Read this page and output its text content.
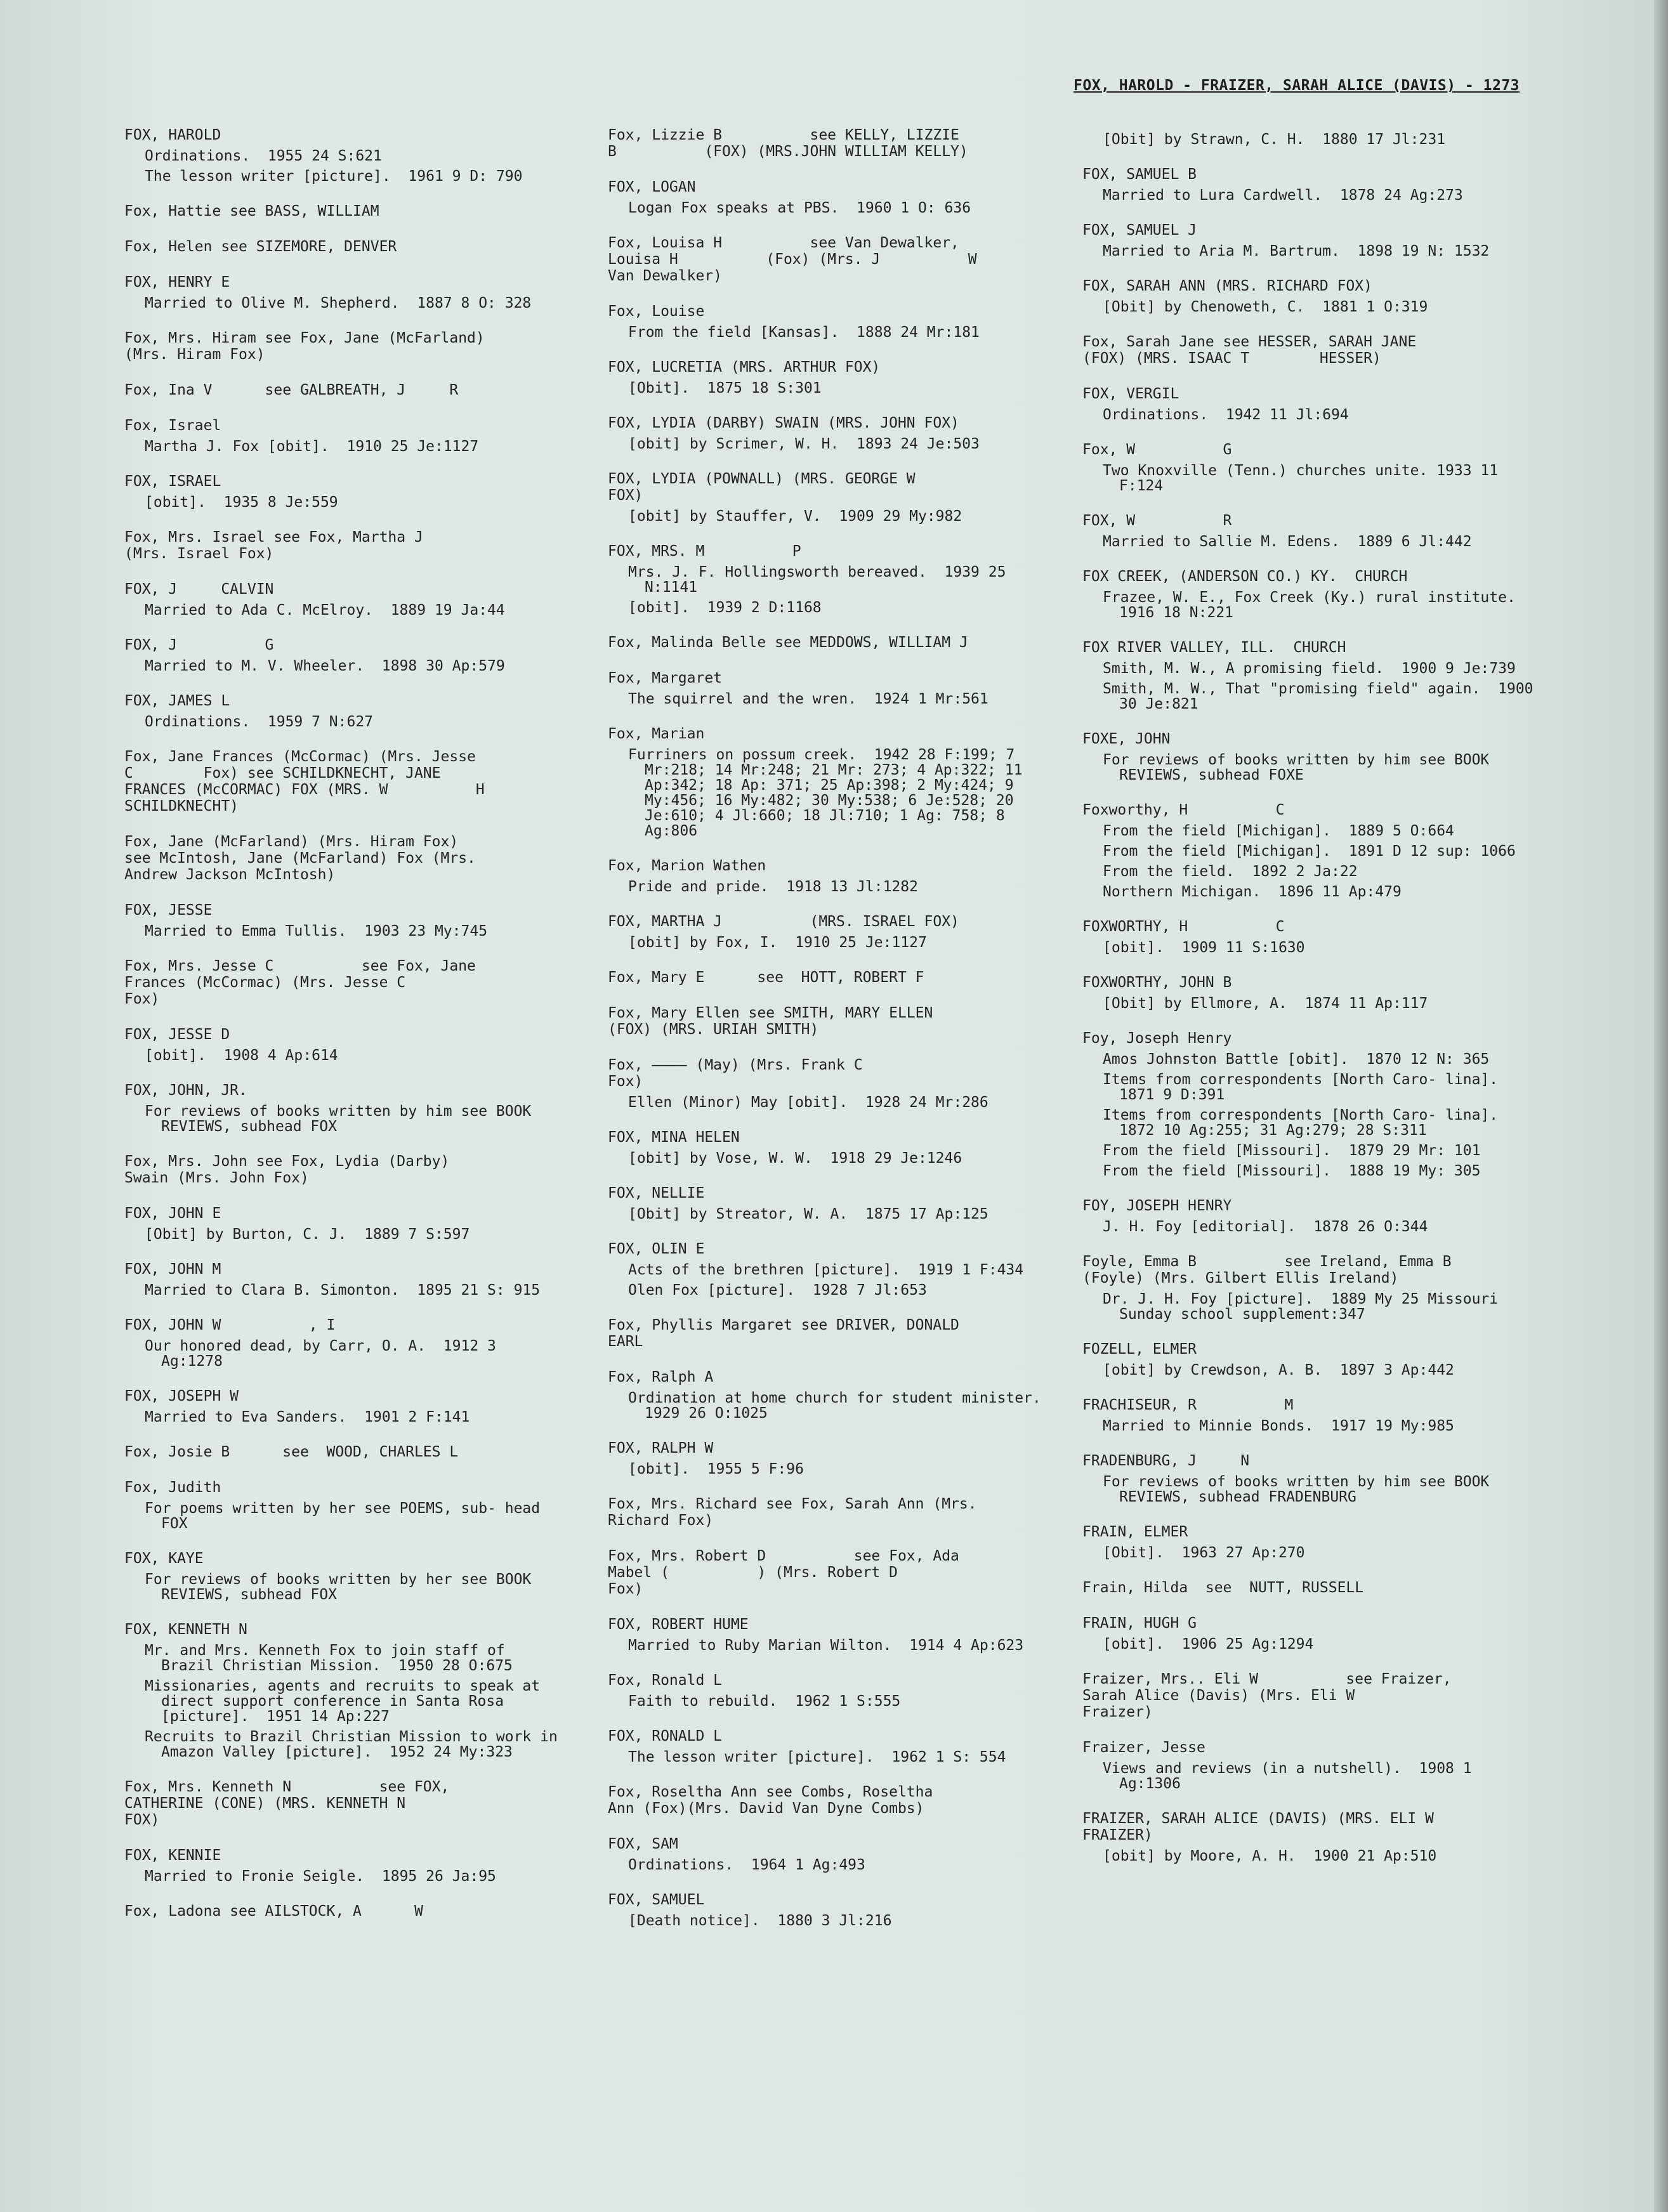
FOX, HAROLD - FRAIZER, SARAH ALICE (DAVIS) - 1273
FOX, HAROLD
Ordinations.  1955 24 S:621
The lesson writer [picture].  1961 9 D: 790
Fox, Hattie see BASS, WILLIAM
Fox, Helen see SIZEMORE, DENVER
FOX, HENRY E
Married to Olive M. Shepherd.  1887 8 O: 328
Fox, Mrs. Hiram see Fox, Jane (McFarland)
(Mrs. Hiram Fox)
Fox, Ina V      see GALBREATH, J     R
Fox, Israel
Martha J. Fox [obit].  1910 25 Je:1127
FOX, ISRAEL
[obit].  1935 8 Je:559
Fox, Mrs. Israel see Fox, Martha J
(Mrs. Israel Fox)
FOX, J     CALVIN
Married to Ada C. McElroy.  1889 19 Ja:44
FOX, J          G
Married to M. V. Wheeler.  1898 30 Ap:579
FOX, JAMES L
Ordinations.  1959 7 N:627
Fox, Jane Frances (McCormac) (Mrs. Jesse
C        Fox) see SCHILDKNECHT, JANE
FRANCES (McCORMAC) FOX (MRS. W          H
SCHILDKNECHT)
Fox, Jane (McFarland) (Mrs. Hiram Fox)
see McIntosh, Jane (McFarland) Fox (Mrs.
Andrew Jackson McIntosh)
FOX, JESSE
Married to Emma Tullis.  1903 23 My:745
Fox, Mrs. Jesse C          see Fox, Jane
Frances (McCormac) (Mrs. Jesse C
Fox)
FOX, JESSE D
[obit].  1908 4 Ap:614
FOX, JOHN, JR.
For reviews of books written by him see BOOK REVIEWS, subhead FOX
Fox, Mrs. John see Fox, Lydia (Darby)
Swain (Mrs. John Fox)
FOX, JOHN E
[Obit] by Burton, C. J.  1889 7 S:597
FOX, JOHN M
Married to Clara B. Simonton.  1895 21 S: 915
FOX, JOHN W          , I
Our honored dead, by Carr, O. A.  1912 3 Ag:1278
FOX, JOSEPH W
Married to Eva Sanders.  1901 2 F:141
Fox, Josie B      see  WOOD, CHARLES L
Fox, Judith
For poems written by her see POEMS, sub- head FOX
FOX, KAYE
For reviews of books written by her see BOOK REVIEWS, subhead FOX
FOX, KENNETH N
Mr. and Mrs. Kenneth Fox to join staff of Brazil Christian Mission.  1950 28 O:675
Missionaries, agents and recruits to speak at direct support conference in Santa Rosa [picture].  1951 14 Ap:227
Recruits to Brazil Christian Mission to work in Amazon Valley [picture].  1952 24 My:323
Fox, Mrs. Kenneth N          see FOX,
CATHERINE (CONE) (MRS. KENNETH N
FOX)
FOX, KENNIE
Married to Fronie Seigle.  1895 26 Ja:95
Fox, Ladona see AILSTOCK, A      W
Fox, Lizzie B          see KELLY, LIZZIE
B          (FOX) (MRS.JOHN WILLIAM KELLY)
FOX, LOGAN
Logan Fox speaks at PBS.  1960 1 O: 636
Fox, Louisa H          see Van Dewalker,
Louisa H          (Fox) (Mrs. J          W
Van Dewalker)
Fox, Louise
From the field [Kansas].  1888 24 Mr:181
FOX, LUCRETIA (MRS. ARTHUR FOX)
[Obit].  1875 18 S:301
FOX, LYDIA (DARBY) SWAIN (MRS. JOHN FOX)
[obit] by Scrimer, W. H.  1893 24 Je:503
FOX, LYDIA (POWNALL) (MRS. GEORGE W
FOX)
[obit] by Stauffer, V.  1909 29 My:982
FOX, MRS. M          P
Mrs. J. F. Hollingsworth bereaved.  1939 25 N:1141
[obit].  1939 2 D:1168
Fox, Malinda Belle see MEDDOWS, WILLIAM J
Fox, Margaret
The squirrel and the wren.  1924 1 Mr:561
Fox, Marian
Furriners on possum creek.  1942 28 F:199; 7 Mr:218; 14 Mr:248; 21 Mr: 273; 4 Ap:322; 11 Ap:342; 18 Ap: 371; 25 Ap:398; 2 My:424; 9 My:456; 16 My:482; 30 My:538; 6 Je:528; 20 Je:610; 4 Jl:660; 18 Jl:710; 1 Ag: 758; 8 Ag:806
Fox, Marion Wathen
Pride and pride.  1918 13 Jl:1282
FOX, MARTHA J          (MRS. ISRAEL FOX)
[obit] by Fox, I.  1910 25 Je:1127
Fox, Mary E      see  HOTT, ROBERT F
Fox, Mary Ellen see SMITH, MARY ELLEN
(FOX) (MRS. URIAH SMITH)
Fox, ———— (May) (Mrs. Frank C
Fox)
Ellen (Minor) May [obit].  1928 24 Mr:286
FOX, MINA HELEN
[obit] by Vose, W. W.  1918 29 Je:1246
FOX, NELLIE
[Obit] by Streator, W. A.  1875 17 Ap:125
FOX, OLIN E
Acts of the brethren [picture].  1919 1 F:434
Olen Fox [picture].  1928 7 Jl:653
Fox, Phyllis Margaret see DRIVER, DONALD
EARL
Fox, Ralph A
Ordination at home church for student minister.  1929 26 O:1025
FOX, RALPH W
[obit].  1955 5 F:96
Fox, Mrs. Richard see Fox, Sarah Ann (Mrs.
Richard Fox)
Fox, Mrs. Robert D          see Fox, Ada
Mabel (          ) (Mrs. Robert D
Fox)
FOX, ROBERT HUME
Married to Ruby Marian Wilton.  1914 4 Ap:623
Fox, Ronald L
Faith to rebuild.  1962 1 S:555
FOX, RONALD L
The lesson writer [picture].  1962 1 S: 554
Fox, Roseltha Ann see Combs, Roseltha
Ann (Fox)(Mrs. David Van Dyne Combs)
FOX, SAM
Ordinations.  1964 1 Ag:493
FOX, SAMUEL
[Death notice].  1880 3 Jl:216
[Obit] by Strawn, C. H.  1880 17 Jl:231
FOX, SAMUEL B
Married to Lura Cardwell.  1878 24 Ag:273
FOX, SAMUEL J
Married to Aria M. Bartrum.  1898 19 N: 1532
FOX, SARAH ANN (MRS. RICHARD FOX)
[Obit] by Chenoweth, C.  1881 1 O:319
Fox, Sarah Jane see HESSER, SARAH JANE
(FOX) (MRS. ISAAC T        HESSER)
FOX, VERGIL
Ordinations.  1942 11 Jl:694
Fox, W          G
Two Knoxville (Tenn.) churches unite. 1933 11 F:124
FOX, W          R
Married to Sallie M. Edens.  1889 6 Jl:442
FOX CREEK, (ANDERSON CO.) KY.  CHURCH
Frazee, W. E., Fox Creek (Ky.) rural institute.  1916 18 N:221
FOX RIVER VALLEY, ILL.  CHURCH
Smith, M. W., A promising field.  1900 9 Je:739
Smith, M. W., That "promising field" again.  1900 30 Je:821
FOXE, JOHN
For reviews of books written by him see BOOK REVIEWS, subhead FOXE
Foxworthy, H          C
From the field [Michigan].  1889 5 O:664
From the field [Michigan].  1891 D 12 sup: 1066
From the field.  1892 2 Ja:22
Northern Michigan.  1896 11 Ap:479
FOXWORTHY, H          C
[obit].  1909 11 S:1630
FOXWORTHY, JOHN B
[Obit] by Ellmore, A.  1874 11 Ap:117
Foy, Joseph Henry
Amos Johnston Battle [obit].  1870 12 N: 365
Items from correspondents [North Caro- lina].  1871 9 D:391
Items from correspondents [North Caro- lina].  1872 10 Ag:255; 31 Ag:279; 28 S:311
From the field [Missouri].  1879 29 Mr: 101
From the field [Missouri].  1888 19 My: 305
FOY, JOSEPH HENRY
J. H. Foy [editorial].  1878 26 O:344
Foyle, Emma B          see Ireland, Emma B
(Foyle) (Mrs. Gilbert Ellis Ireland)
Dr. J. H. Foy [picture].  1889 My 25 Missouri Sunday school supplement:347
FOZELL, ELMER
[obit] by Crewdson, A. B.  1897 3 Ap:442
FRACHISEUR, R          M
Married to Minnie Bonds.  1917 19 My:985
FRADENBURG, J     N
For reviews of books written by him see BOOK REVIEWS, subhead FRADENBURG
FRAIN, ELMER
[Obit].  1963 27 Ap:270
Frain, Hilda  see  NUTT, RUSSELL
FRAIN, HUGH G
[obit].  1906 25 Ag:1294
Fraizer, Mrs.. Eli W          see Fraizer,
Sarah Alice (Davis) (Mrs. Eli W
Fraizer)
Fraizer, Jesse
Views and reviews (in a nutshell).  1908 1 Ag:1306
FRAIZER, SARAH ALICE (DAVIS) (MRS. ELI W
FRAIZER)
[obit] by Moore, A. H.  1900 21 Ap:510
